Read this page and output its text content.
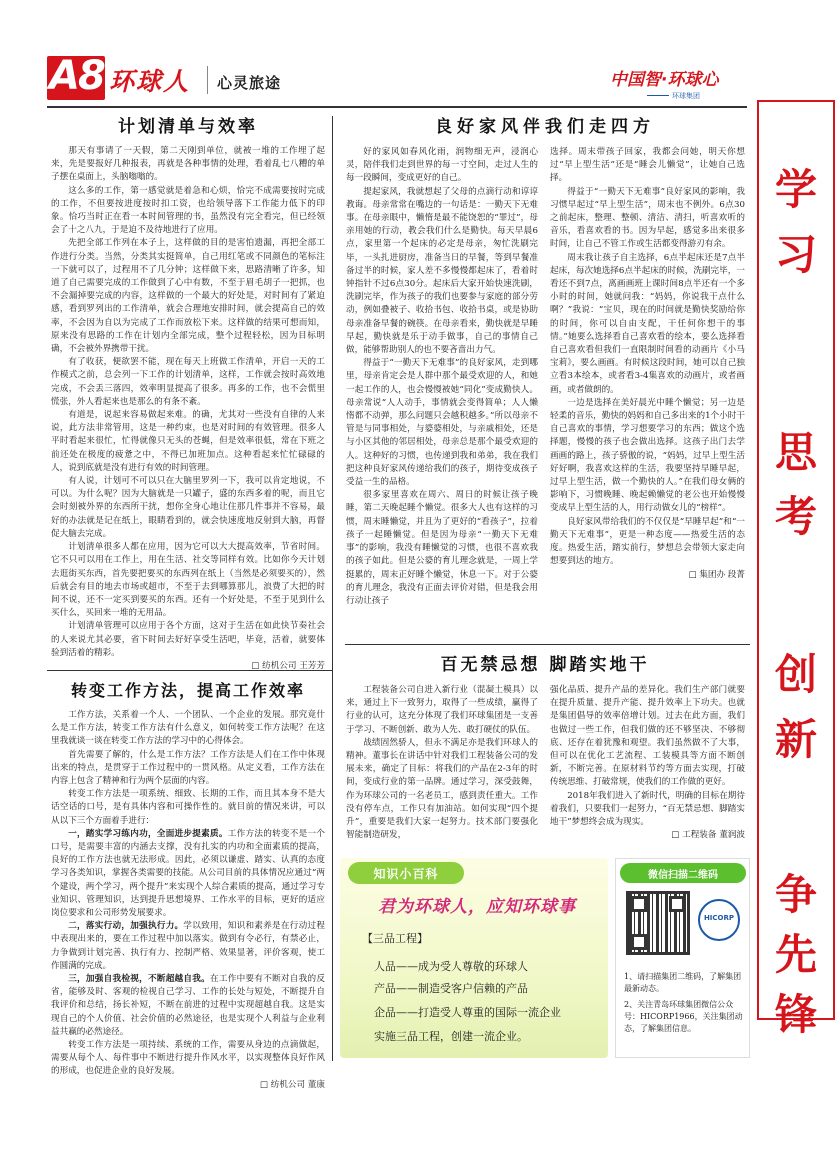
A8 环球人 心灵旅途	中国智·环球心
环球集团
学
习
思
考
创
新
争
先
锋
计划清单与效率

那天有事请了一天假，第二天刚到单位，就被一堆的工作埋了起来，先是要报好几种报表，再就是各种事情的处理，看着乱七八糟的单子摆在桌面上，头脑嗡嗡的。

这么多的工作，第一感觉就是着急和心烦，恰完不成需要按时完成的工作，不但要按进度按时扣工资，也给领导落下工作能力低下的印象。恰巧当时正在看一本时间管理的书，虽然没有完全看完，但已经领会了十之八九，于是迫不及待地进行了应用。

先把全部工作列在本子上，这样做的目的是害怕遗漏，再把全部工作进行分类。当然，分类其实挺简单，自己用红笔或不同颜色的笔标注一下就可以了，过程用不了几分钟；这样做下来，思路清晰了许多，知道了自己需要完成的工作做到了心中有数，不至于眉毛胡子一把抓，也不会漏掉要完成的内容，这样做的一个最大的好处是，对时间有了紧迫感，看到罗列出的工作清单，就会合理地安排时间，就会提高自己的效率，不会因为自以为完成了工作而放松下来。这样做的结果可想而知，原来没有思路的工作在计划内全部完成，整个过程轻松，因为目标明确，不会被外界携带干扰。

有了收获，便欲罢不能，现在每天上班做工作清单，开启一天的工作模式之前，总会列一下工作的计划清单，这样，工作就会按时高效地完成，不会丢三落四，效率明显提高了很多。再多的工作，也不会慌里慌张，外人看起来也是那么的有条不紊。

有道是，说起来容易做起来难。的确，尤其对一些没有自律的人来说，此方法非常管用，这是一种约束，也是对时间的有效管理。很多人平时看起来很忙，忙得就像只无头的苍蝇，但是效率很低，常在下班之前还处在极度的疲惫之中，不得已加班加点。这种看起来忙忙碌碌的人，说到底就是没有进行有效的时间管理。

有人说，计划可不可以只在大脑里罗列一下，我可以肯定地说，不可以。为什么呢？因为大脑就是一只罐子，盛的东西多着的呢，而且它会时刻被外界的东西所干扰，想你全身心地让住那几件事并不容易，最好的办法就是记在纸上，眼睛看到的，就会快速度地反射到大脑，再督促大脑去完成。

计划清单很多人都在应用，因为它可以大大提高效率，节省时间。它不只可以用在工作上，用在生活、社交等同样有效。比如你今天计划去逛街买东西，首先要把要买的东西列在纸上（当然是必须要买的），然后就会有目的地去市场或超市，不至于去到哪算那儿，浪费了大把的时间不说，还不一定买到要买的东西。还有一个好处是，不至于见到什么买什么，买回来一堆的无用品。

计划清单管理可以应用于各个方面，这对于生活在如此快节奏社会的人来说尤其必要，省下时间去好好享受生活吧，毕竟，活着，就要体验到活着的精彩。

□ 纺机公司 王芳芳
良好家风伴我们走四方

好的家风如春风化雨，润物细无声，浸润心灵，陪伴我们走到世界的每一寸空间，走过人生的每一段瞬间，变成更好的自己。

提起家风，我就想起了父母的点滴行动和谆谆教诲。母亲常常在嘴边的一句话是：一勤天下无难事。在母亲眼中，懒惰是最不能饶恕的“罪过”，母亲用她的行动，教会我们什么是勤快。每天早晨6点，家里第一个起床的必定是母亲，匆忙洗刷完毕，一头扎进厨房，准备当日的早餐，等到早餐准备过半的时候，家人差不多慢慢都起床了，看着时钟指针不过6点30分。起床后大家开始快速洗刷，洗刷完毕，作为孩子的我们也要参与家庭的部分劳动，例如叠被子、收拾书包、收拾书桌，或是协助母亲准备早餐的碗筷。在母亲看来，勤快就是早睡早起，勤快就是乐于动手做事，自己的事情自己做，能够帮助别人的也不要吝啬出力气。

得益于“一勤天下无难事”的良好家风，走到哪里，母亲肯定会是人群中那个最受欢迎的人，和她一起工作的人，也会慢慢被她“同化”变成勤快人。母亲常说“人人动手，事情就会变得简单；人人懒惰都不动弹，那么问题只会越积越多。”所以母亲不管是与同事相处，与婆婆相处，与亲戚相处，还是与小区其他的邻居相处，母亲总是那个最受欢迎的人。这种好的习惯，也传递到我和弟弟，我在我们把这种良好家风传递给我们的孩子，期待变成孩子受益一生的品格。

很多家里喜欢在周六、周日的时候让孩子晚睡，第二天晚起睡个懒觉。很多大人也有这样的习惯，周末睡懒觉，并且为了更好的“看孩子”，拉着孩子一起睡懒觉。但是因为母亲“一勤天下无难事”的影响，我没有睡懒觉的习惯，也很不喜欢我的孩子如此。但是公婆的育儿理念就是，一周上学挺累的，周末正好睡个懒觉，休息一下。对于公婆的育儿理念，我没有正面去评价对错，但是我会用行动让孩子

选择。周末带孩子回家，我都会问她，明天你想过“早上型生活”还是“睡会儿懒觉”，让她自己选择。

得益于“一勤天下无难事”良好家风的影响，我习惯早起过“早上型生活”，周末也不例外。6点30之前起床，整理、整顿、清洁、清扫，听喜欢听的音乐，看喜欢看的书。因为早起，感觉多出来很多时间，让自己不管工作或生活都变得游刃有余。

周末我让孩子自主选择，6点半起床还是7点半起床，每次她选择6点半起床的时候，洗刷完毕，一看还不到7点，离画画班上课时间8点半还有一个多小时的时间，她就问我：“妈妈，你说我干点什么啊？”我说：“宝贝，现在的时间就是勤快奖励给你的时间，你可以自由支配，干任何你想干的事情。”她要么选择看自己喜欢看的绘本，要么选择看自己喜欢看但我们一直限制时间看的动画片《小马宝莉》，要么画画。有时候这段时间，她可以自己独立看3本绘本，或者看3-4集喜欢的动画片，或者画画，或者做朗的。

一边是选择在美好晨光中睡个懒觉；另一边是轻柔的音乐，勤快的妈妈和自己多出来的1个小时干自己喜欢的事情，学习想要学习的东西；做这个选择题，慢慢的孩子也会做出选择。这孩子出门去学画画的路上，孩子骄傲的说，“妈妈，过早上型生活好好啊，我喜欢这样的生活，我要坚持早睡早起，过早上型生活，做一个勤快的人。”在我们母女俩的影响下，习惯晚睡、晚起赖懒觉的老公也开始慢慢变成早上型生活的人，用行动做女儿的“榜样”。

良好家风带给我们的不仅仅是“早睡早起”和“一勤天下无难事”，更是一种态度——热爱生活的态度。热爱生活，踏实前行，梦想总会带领大家走向想要到达的地方。

□ 集团办 段菁
转变工作方法，提高工作效率

工作方法，关系着一个人、一个团队、一个企业的发展。那究竟什么是工作方法，转变工作方法有什么意义，如何转变工作方法呢？在这里我就谈一谈在转变工作方法的学习中的心得体会。

首先需要了解的，什么是工作方法？工作方法是人们在工作中体现出来的特点，是贯穿于工作过程中的一贯风格。从定义看，工作方法在内容上包含了精神和行为两个层面的内容。

转变工作方法是一项系统、细致、长期的工作，而且其本身不是大话空话的口号，是有具体内容和可操作性的。就目前的情况来讲，可以从以下三个方面着手进行：

一，踏实学习练内功，全面进步提素质。工作方法的转变不是一个口号，是需要丰富的内涵去支撑，没有扎实的内功和全面素质的提高，良好的工作方法也就无法形成。因此，必须以谦虚、踏实、认真的态度学习各类知识，掌握各类需要的技能。从公司目前的具体情况应通过“两个建设，两个学习，两个提升”来实现个人综合素质的提高，通过学习专业知识、管理知识，达到提升思想境界、工作水平的目标，更好的适应岗位要求和公司形势发展要求。

二，落实行动，加强执行力。学以致用，知识和素养是在行动过程中表现出来的，要在工作过程中加以落实。做到有令必行，有禁必止，力争做到计划完善、执行有力、控制严格、效果显著，评价客观，使工作圆满的完成。

三，加强自我检视，不断超越自我。在工作中要有不断对自我的反省，能够及时、客观的检视自己学习、工作的长处与短处，不断提升自我评价和总结，扬长补短，不断在前进的过程中实现超越自我。这是实现自己的个人价值、社会价值的必然途径，也是实现个人利益与企业利益共赢的必然途径。

转变工作方法是一项持续、系统的工作，需要从身边的点滴做起，需要从每个人、每件事中不断进行提升作风水平，以实现整体良好作风的形成，也促进企业的良好发展。

□ 纺机公司 董康
百无禁忌想 脚踏实地干

工程装备公司自进入新行业（混凝土模具）以来，通过上下一致努力，取得了一些成绩，赢得了行业的认可，这充分体现了我们环球集团是一支善于学习、不断创新、敢为人先、敢打硬仗的队伍。

战绩固然骄人，但永不满足亦是我们环球人的精神。董事长在讲话中针对我们工程装备公司的发展未来，确定了目标：将我们的产品在2-3年的时间，变成行业的第一品牌。通过学习，深受鼓舞，作为环球公司的一名老员工，感到责任重大。工作没有停车点，工作只有加油站。如何实现“四个提升”，重要是我们大家一起努力。技术部门要强化智能制造研发，

强化品质、提升产品的差异化。我们生产部门就要在提升质量、提升产能、提升效率上下功夫。也就是集团倡导的效率倍增计划。过去在此方面，我们也做过一些工作，但我们做的还不够坚决、不够彻底、还存在着犹豫和观望。我们虽然做不了大事，但可以在优化工艺流程、工装模具等方面不断创新，不断完善。在原材料节约等方面去实现，打破传统思维、打破常规，使我们的工作做的更好。

2018年我们进入了新时代，明确的目标在期待着我们，只要我们一起努力，“百无禁忌想、脚踏实地干”梦想终会成为现实。

□ 工程装备 董润波
知识小百科
君为环球人，应知环球事
【三品工程】
人品——成为受人尊敬的环球人
产品——制造受客户信赖的产品
企品——打造受人尊重的国际一流企业
实施三品工程，创建一流企业。
微信扫描二维码
HICORP
1、请扫描集团二维码，了解集团最新动态。
2、关注青岛环球集团微信公众号：HICORP1966，关注集团动态，了解集团信息。
